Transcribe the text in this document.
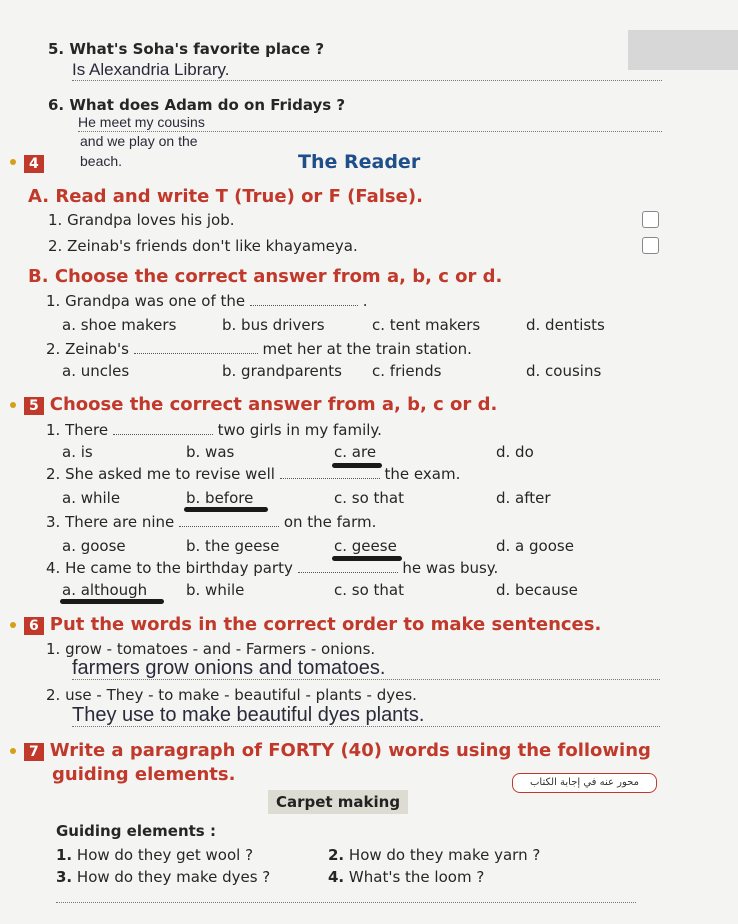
5. What's Soha's favorite place ?
Is Alexandria Library.
6. What does Adam do on Fridays ?
He meet my cousins
and we play on the
4	beach.	The Reader
A. Read and write T (True) or F (False).
1. Grandpa loves his job.
2. Zeinab's friends don't like khayameya.
B. Choose the correct answer from a, b, c or d.
1. Grandpa was one of the	.
a. shoe makers	b. bus drivers	c. tent makers	d. dentists
2. Zeinab's	met her at the train station.
a. uncles	b. grandparents c. friends	d. cousins
5 Choose the correct answer from a, b, c or d.
1. There	two girls in my family.
a. is	b. was	c. are	d. do
2. She asked me to revise well	the exam.
a. while	b. before	c. so that	d. after
3. There are nine	on the farm.
a. goose	b. the geese	c. geese	d. a goose
4. He came to the birthday party	he was busy.
a. although	b. while	c. so that	d. because
6 Put the words in the correct order to make sentences.
1. grow - tomatoes - and - Farmers - onions.
farmers grow onions and tomatoes.
2. use - They - to make - beautiful - plants - dyes.
They use to make beautiful dyes plants.
7 Write a paragraph of FORTY (40) words using the following
guiding elements.	محور عنه في إجابة الكتاب
Carpet making
Guiding elements :
1. How do they get wool ?	2. How do they make yarn ?
3. How do they make dyes ?	4. What's the loom ?
